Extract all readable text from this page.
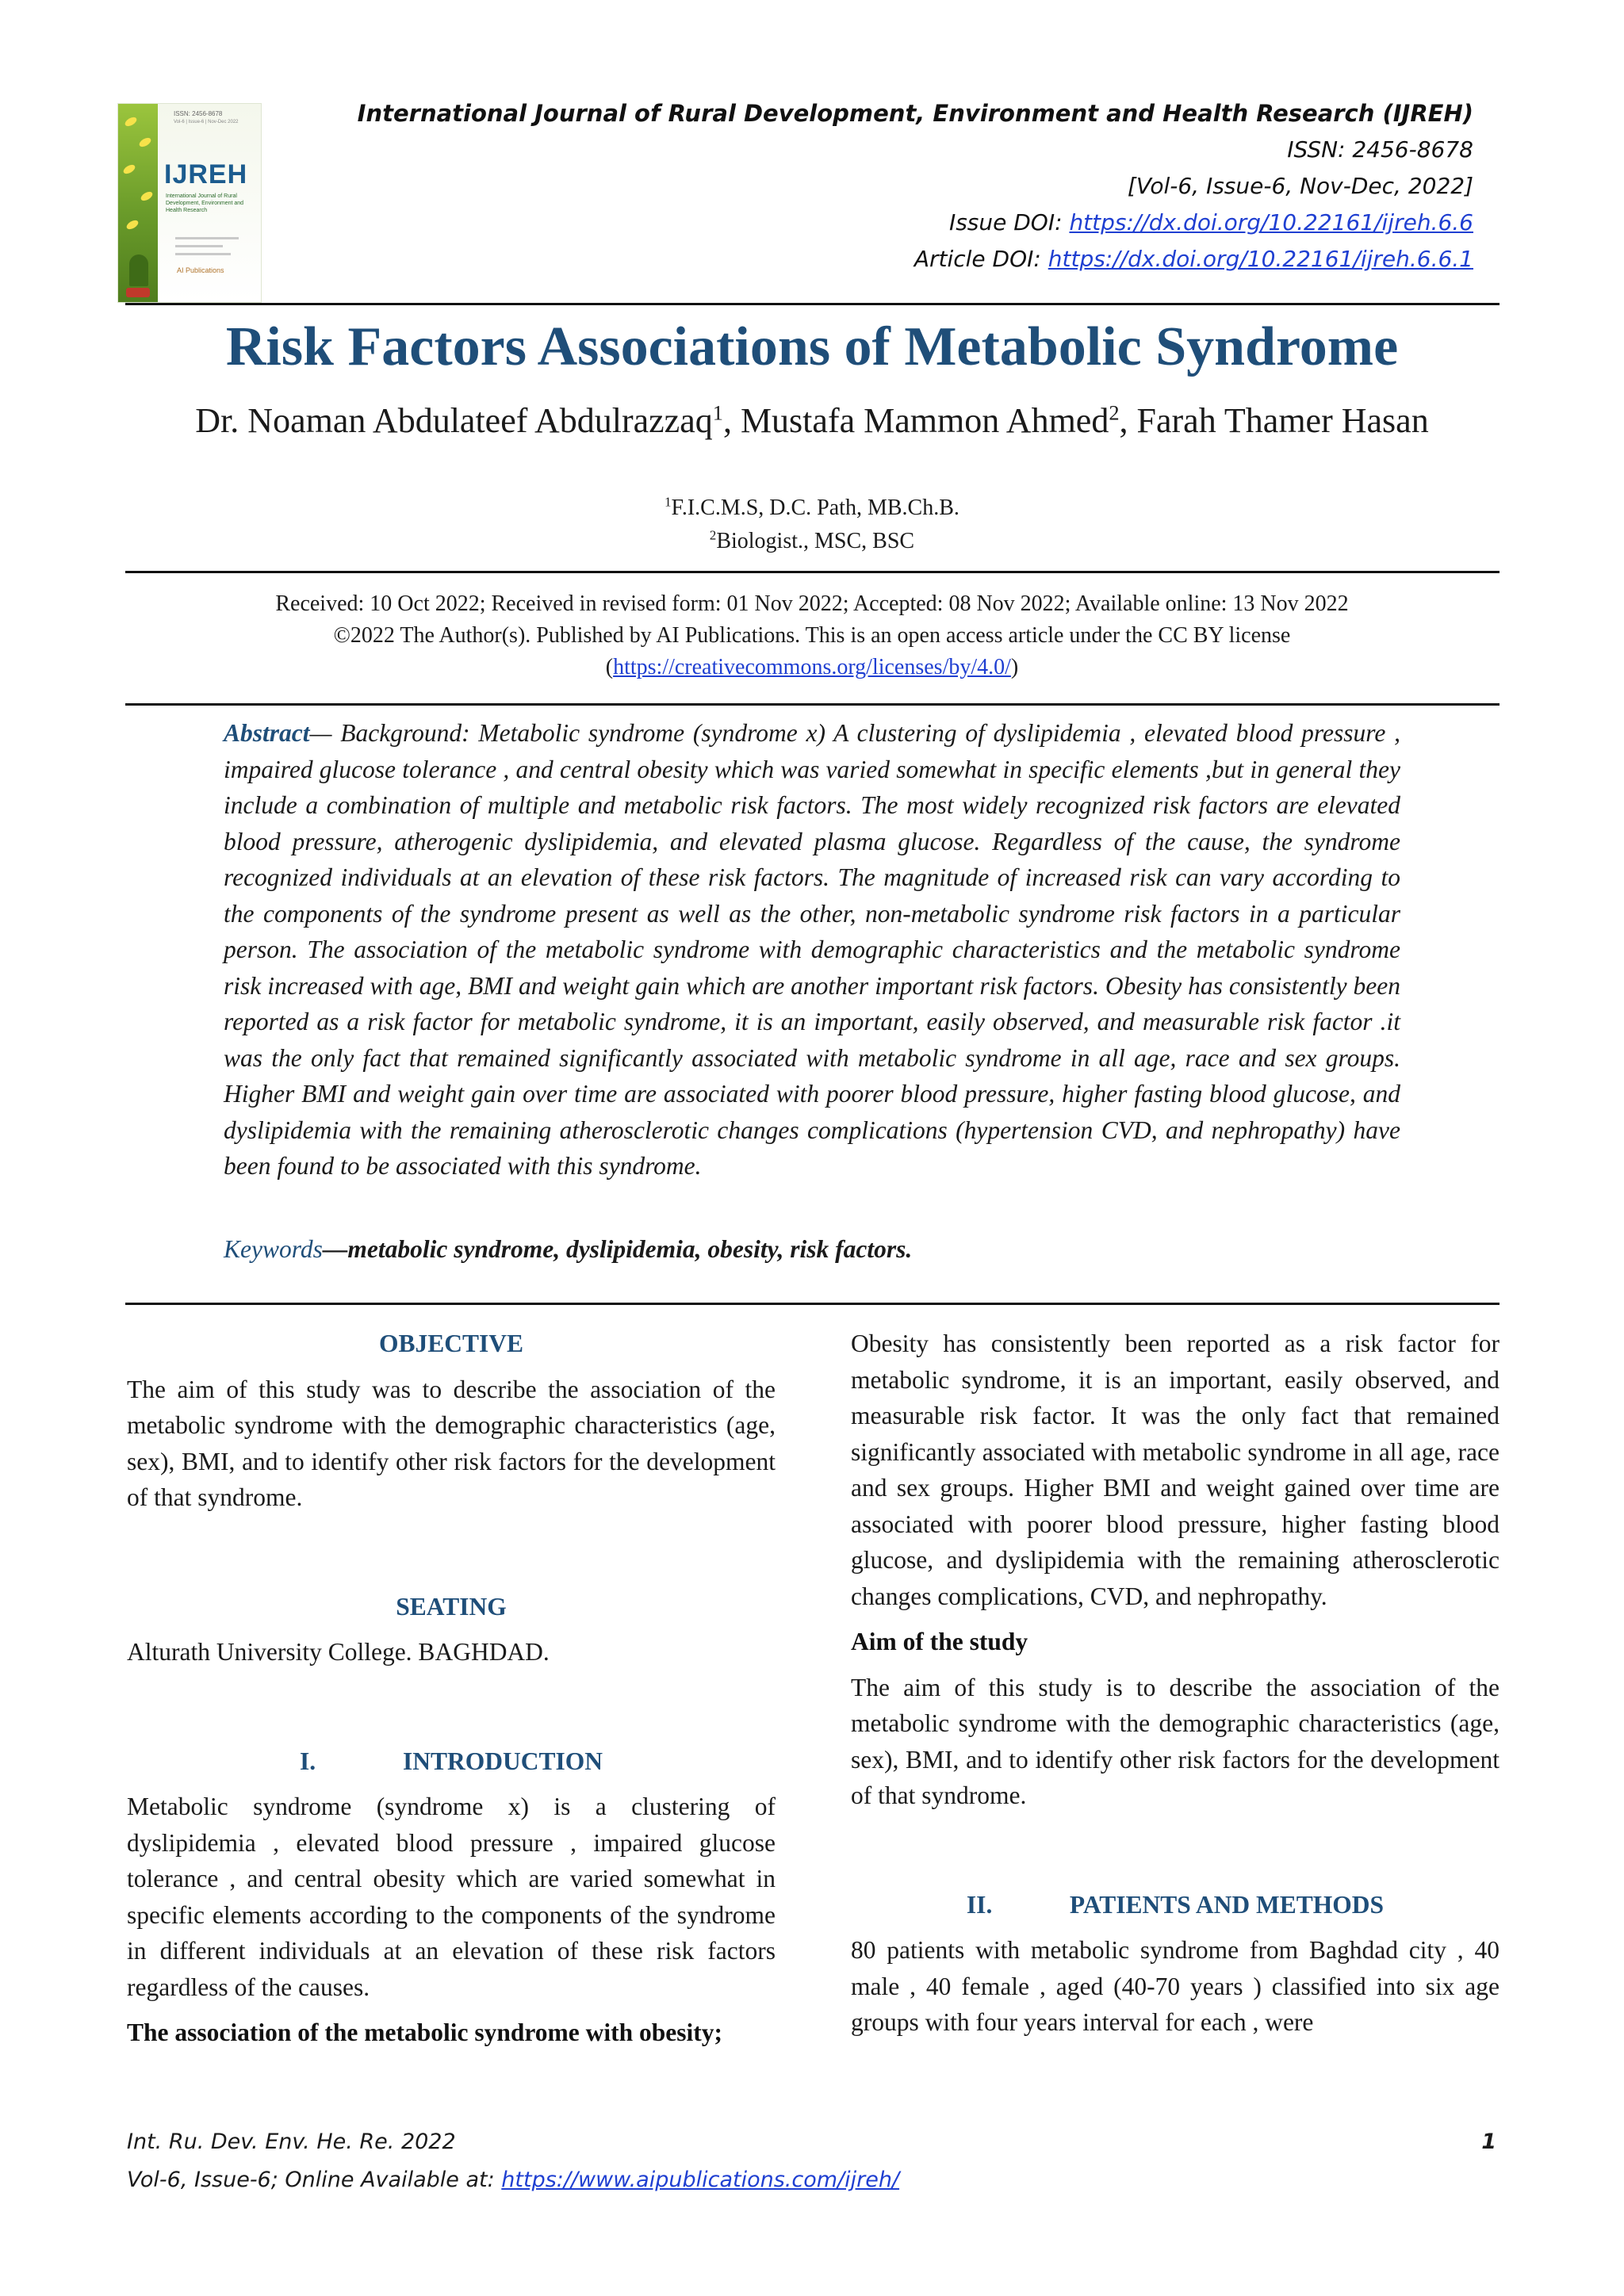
ISSN: 2456-8678
Vol-6 | Issue-6 | Nov-Dec 2022
IJREH
International Journal of Rural Development, Environment and Health Research
AI Publications
International Journal of Rural Development, Environment and Health Research (IJREH)
ISSN: 2456-8678
[Vol-6, Issue-6, Nov-Dec, 2022]
Issue DOI: https://dx.doi.org/10.22161/ijreh.6.6
Article DOI: https://dx.doi.org/10.22161/ijreh.6.6.1
Risk Factors Associations of Metabolic Syndrome
Dr. Noaman Abdulateef Abdulrazzaq$^1$, Mustafa Mammon Ahmed$^2$, Farah Thamer Hasan
$^1$F.I.C.M.S, D.C. Path, MB.Ch.B.
$^2$Biologist., MSC, BSC
Received: 10 Oct 2022; Received in revised form: 01 Nov 2022; Accepted: 08 Nov 2022; Available online: 13 Nov 2022
©2022 The Author(s). Published by AI Publications. This is an open access article under the CC BY license
(https://creativecommons.org/licenses/by/4.0/)

Abstract— Background: Metabolic syndrome (syndrome x) A clustering of dyslipidemia , elevated blood pressure , impaired glucose tolerance , and central obesity which was varied somewhat in specific elements ,but in general they include a combination of multiple and metabolic risk factors. The most widely recognized risk factors are elevated blood pressure, atherogenic dyslipidemia, and elevated plasma glucose. Regardless of the cause, the syndrome recognized individuals at an elevation of these risk factors. The magnitude of increased risk can vary according to the components of the syndrome present as well as the other, non-metabolic syndrome risk factors in a particular person. The association of the metabolic syndrome with demographic characteristics and the metabolic syndrome risk increased with age, BMI and weight gain which are another important risk factors. Obesity has consistently been reported as a risk factor for metabolic syndrome, it is an important, easily observed, and measurable risk factor .it was the only fact that remained significantly associated with metabolic syndrome in all age, race and sex groups. Higher BMI and weight gain over time are associated with poorer blood pressure, higher fasting blood glucose, and dyslipidemia with the remaining atherosclerotic changes complications (hypertension CVD, and nephropathy) have been found to be associated with this syndrome.

Keywords—metabolic syndrome, dyslipidemia, obesity, risk factors.
OBJECTIVE

The aim of this study was to describe the association of the metabolic syndrome with the demographic characteristics (age, sex), BMI, and to identify other risk factors for the development of that syndrome.

SEATING

Alturath University College. BAGHDAD.

I.	INTRODUCTION

Metabolic syndrome (syndrome x) is a clustering of dyslipidemia , elevated blood pressure , impaired glucose tolerance , and central obesity which are varied somewhat in specific elements according to the components of the syndrome in different individuals at an elevation of these risk factors regardless of the causes.

The association of the metabolic syndrome with obesity;

Obesity has consistently been reported as a risk factor for metabolic syndrome, it is an important, easily observed, and measurable risk factor. It was the only fact that remained significantly associated with metabolic syndrome in all age, race and sex groups. Higher BMI and weight gained over time are associated with poorer blood pressure, higher fasting blood glucose, and dyslipidemia with the remaining atherosclerotic changes complications, CVD, and nephropathy.

Aim of the study

The aim of this study is to describe the association of the metabolic syndrome with the demographic characteristics (age, sex), BMI, and to identify other risk factors for the development of that syndrome.

II.	PATIENTS AND METHODS

80 patients with metabolic syndrome from Baghdad city , 40 male , 40 female , aged (40-70 years ) classified into six age groups with four years interval for each , were

Int. Ru. Dev. Env. He. Re. 2022	1
Vol-6, Issue-6; Online Available at: https://www.aipublications.com/ijreh/
